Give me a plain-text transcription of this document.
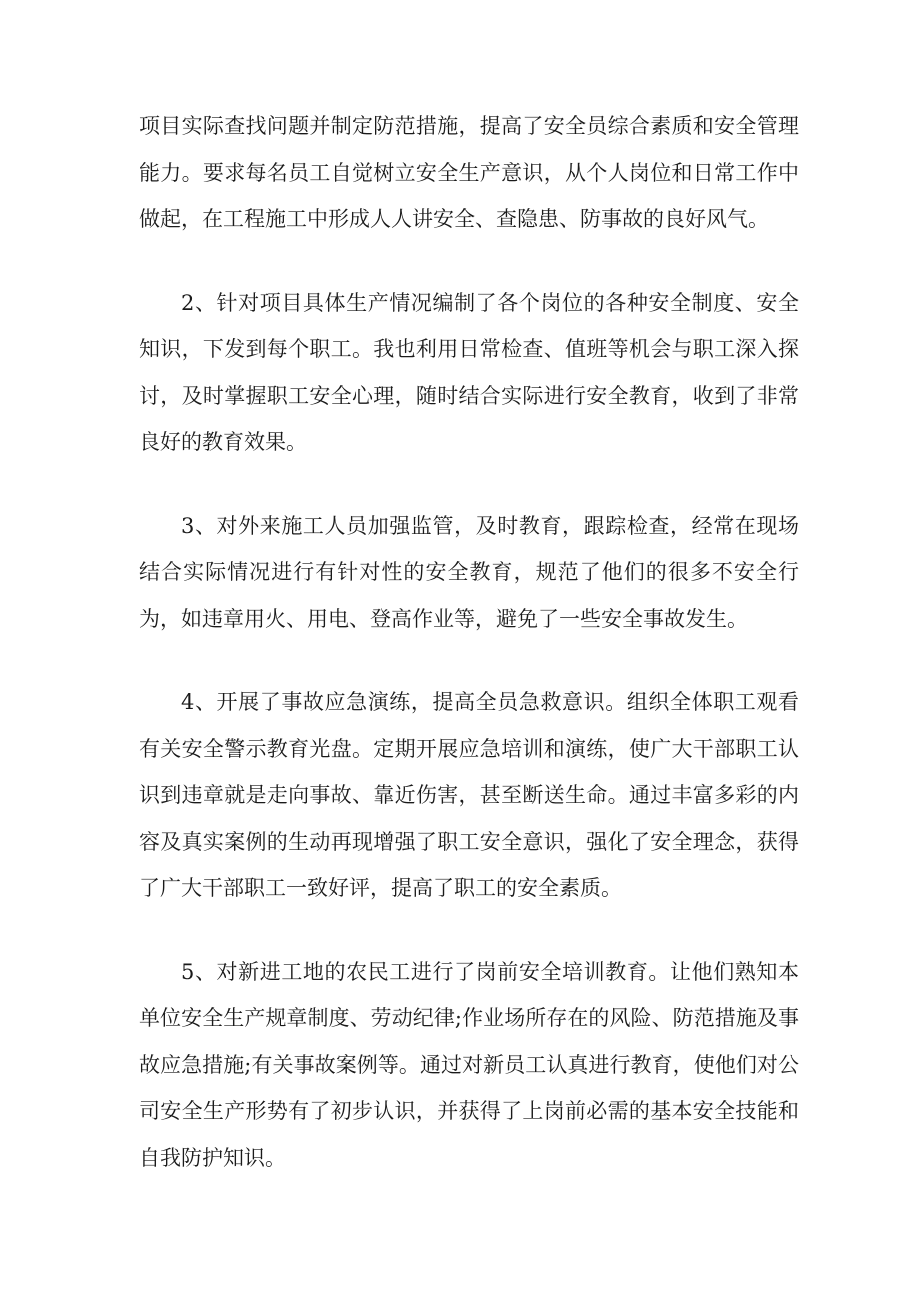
项目实际查找问题并制定防范措施，提高了安全员综合素质和安全管理能力。要求每名员工自觉树立安全生产意识，从个人岗位和日常工作中做起，在工程施工中形成人人讲安全、查隐患、防事故的良好风气。

2、针对项目具体生产情况编制了各个岗位的各种安全制度、安全知识，下发到每个职工。我也利用日常检查、值班等机会与职工深入探讨，及时掌握职工安全心理，随时结合实际进行安全教育，收到了非常良好的教育效果。

3、对外来施工人员加强监管，及时教育，跟踪检查，经常在现场结合实际情况进行有针对性的安全教育，规范了他们的很多不安全行为，如违章用火、用电、登高作业等，避免了一些安全事故发生。

4、开展了事故应急演练，提高全员急救意识。组织全体职工观看有关安全警示教育光盘。定期开展应急培训和演练，使广大干部职工认识到违章就是走向事故、靠近伤害，甚至断送生命。通过丰富多彩的内容及真实案例的生动再现增强了职工安全意识，强化了安全理念，获得了广大干部职工一致好评，提高了职工的安全素质。

5、对新进工地的农民工进行了岗前安全培训教育。让他们熟知本单位安全生产规章制度、劳动纪律;作业场所存在的风险、防范措施及事故应急措施;有关事故案例等。通过对新员工认真进行教育，使他们对公司安全生产形势有了初步认识，并获得了上岗前必需的基本安全技能和自我防护知识。
